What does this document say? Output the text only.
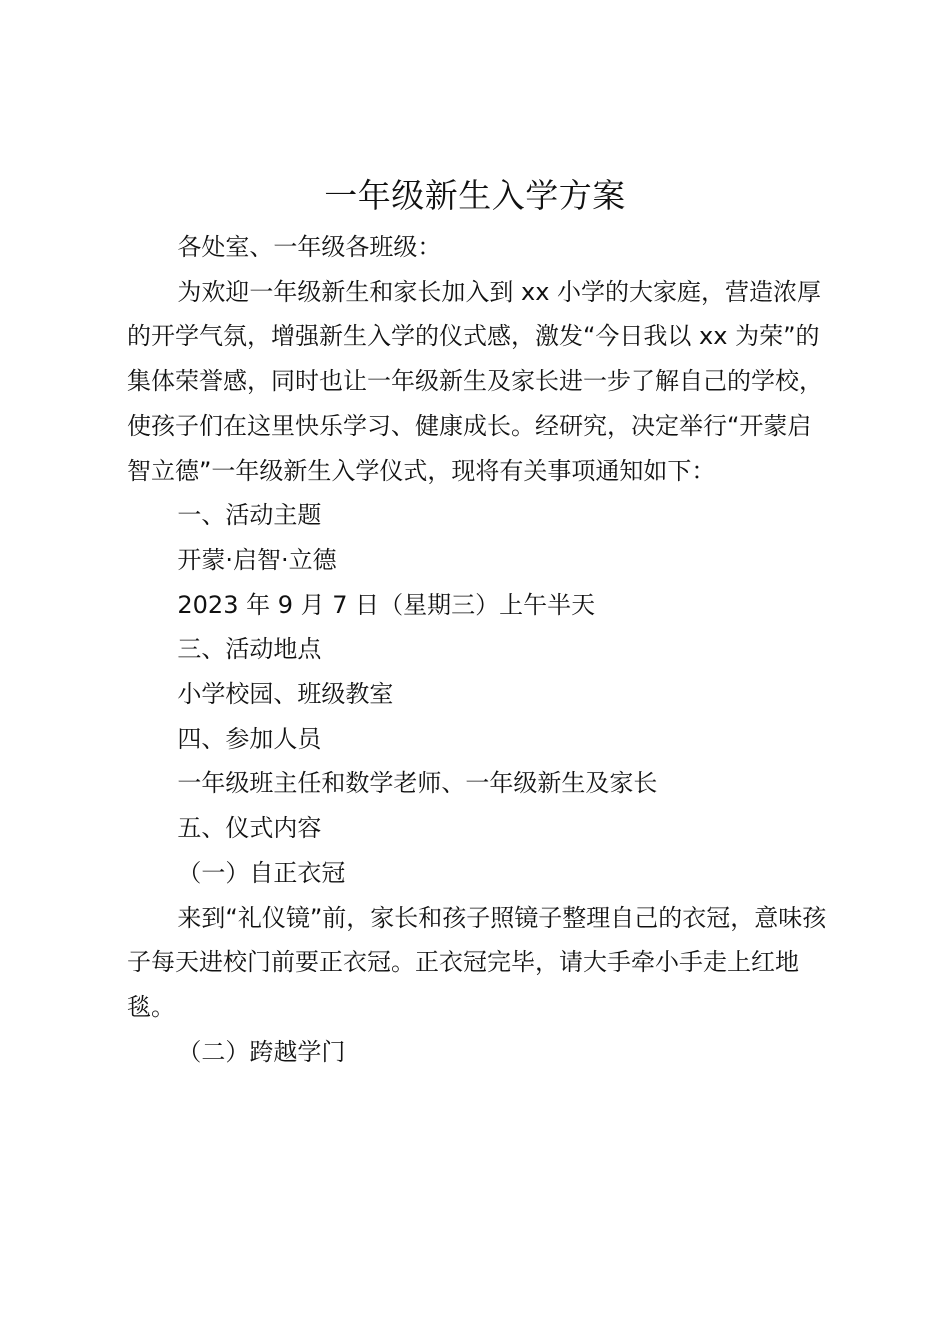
一年级新生入学方案

各处室、一年级各班级：

为欢迎一年级新生和家长加入到 xx 小学的大家庭，营造浓厚的开学气氛，增强新生入学的仪式感，激发“今日我以 xx 为荣”的集体荣誉感，同时也让一年级新生及家长进一步了解自己的学校，使孩子们在这里快乐学习、健康成长。经研究，决定举行“开蒙启智立德”一年级新生入学仪式，现将有关事项通知如下：

一、活动主题

开蒙·启智·立德

2023 年 9 月 7 日（星期三）上午半天

三、活动地点

小学校园、班级教室

四、参加人员

一年级班主任和数学老师、一年级新生及家长

五、仪式内容

（一）自正衣冠

来到“礼仪镜”前，家长和孩子照镜子整理自己的衣冠，意味孩子每天进校门前要正衣冠。正衣冠完毕，请大手牵小手走上红地毯。

（二）跨越学门
